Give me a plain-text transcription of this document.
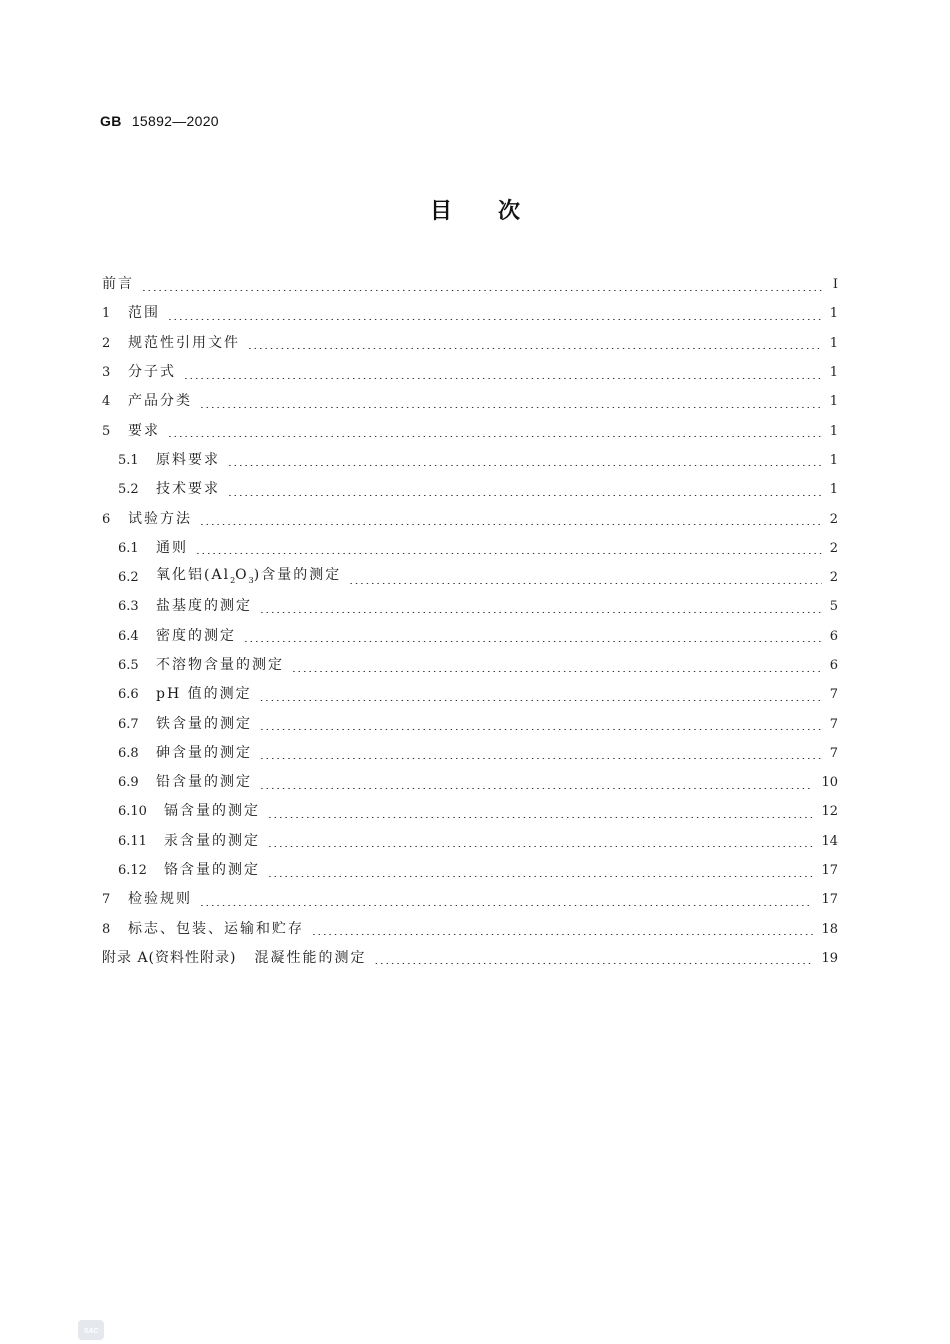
GB 15892—2020
目 次
前言 ·····	Ⅰ
1 范围 ·····	1
2 规范性引用文件 ·····	1
3 分子式 ·····	1
4 产品分类 ·····	1
5 要求 ·····	1
5.1 原料要求 ·····	1
5.2 技术要求 ·····	1
6 试验方法 ·····	2
6.1 通则 ·····	2
6.2 氧化铝$(Al_2O_3)$含量的测定 ·····	2
6.3 盐基度的测定 ·····	5
6.4 密度的测定 ·····	6
6.5 不溶物含量的测定 ·····	6
6.6 pH 值的测定 ·····	7
6.7 铁含量的测定 ·····	7
6.8 砷含量的测定 ·····	7
6.9 铅含量的测定 ·····	10
6.10 镉含量的测定 ·····	12
6.11 汞含量的测定 ·····	14
6.12 铬含量的测定 ·····	17
7 检验规则 ·····	17
8 标志、包装、运输和贮存 ·····	18
附录 A(资料性附录) 混凝性能的测定 ·····	19
SAC
